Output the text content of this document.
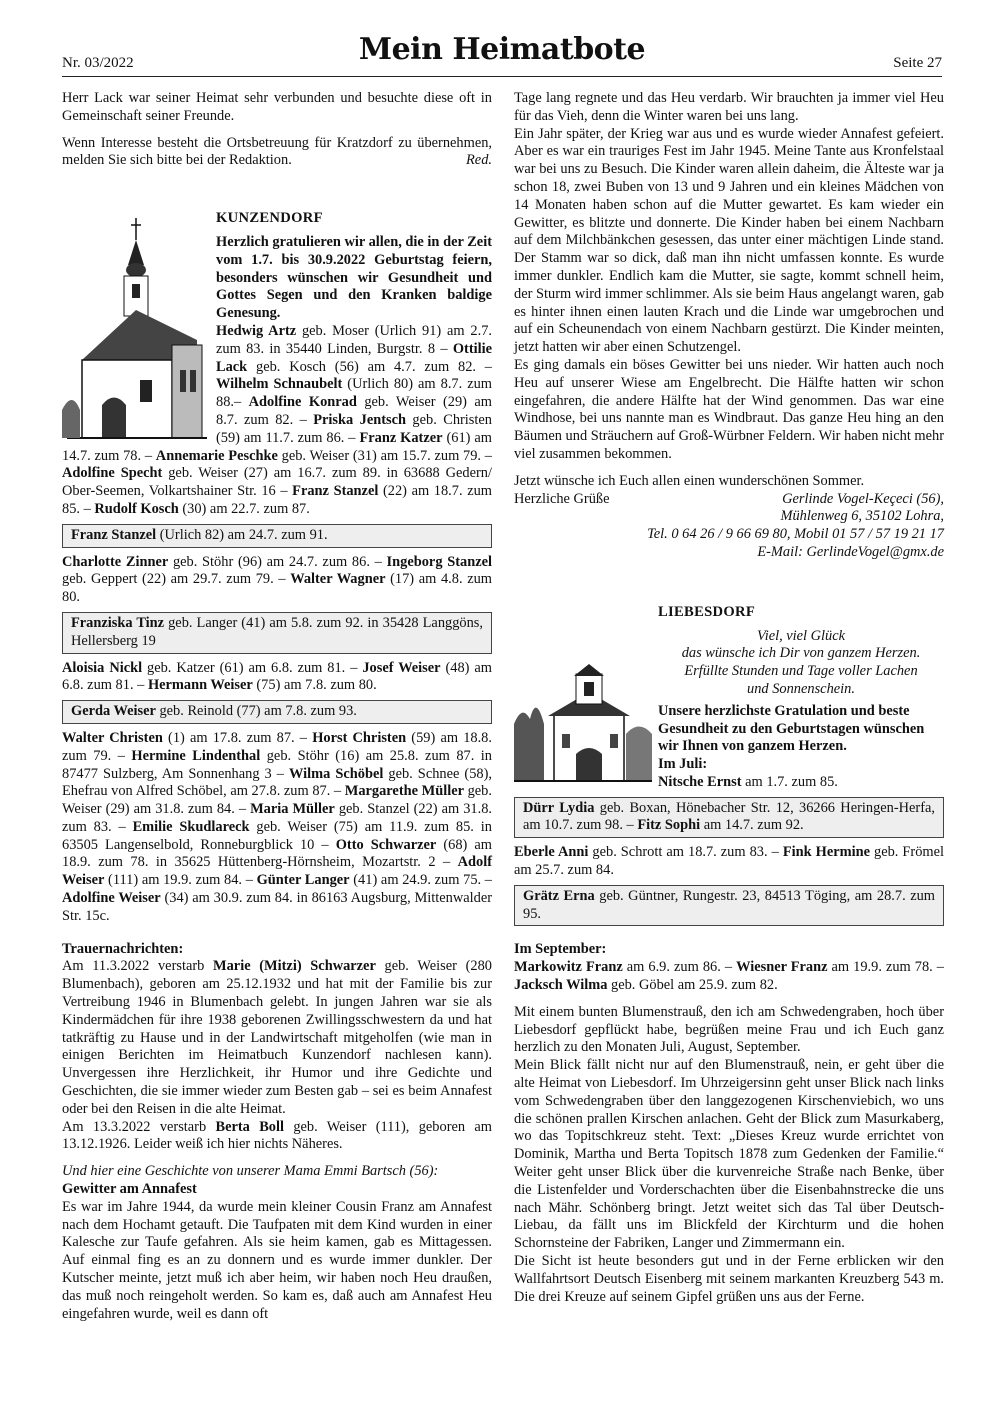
Nr. 03/2022	Mein Heimatbote	Seite 27

Herr Lack war seiner Heimat sehr verbunden und besuchte diese oft in Gemeinschaft seiner Freunde.

Wenn Interesse besteht die Ortsbetreuung für Kratzdorf zu übernehmen, melden Sie sich bitte bei der Redaktion.	Red.

KUNZENDORF

Herzlich gratulieren wir allen, die in der Zeit vom 1.7. bis 30.9.2022 Geburtstag feiern, besonders wünschen wir Gesundheit und Gottes Segen und den Kranken baldige Genesung.

Hedwig Artz geb. Moser (Urlich 91) am 2.7. zum 83. in 35440 Linden, Burgstr. 8 – Ottilie Lack geb. Kosch (56) am 4.7. zum 82. – Wilhelm Schnaubelt (Urlich 80) am 8.7. zum 88.– Adolfine Konrad geb. Weiser (29) am 8.7. zum 82. – Priska Jentsch geb. Christen (59) am 11.7. zum 86. – Franz Katzer (61) am 14.7. zum 78. – Annemarie Peschke geb. Weiser (31) am 15.7. zum 79. – Adolfine Specht geb. Weiser (27) am 16.7. zum 89. in 63688 Gedern/ Ober-Seemen, Volkartshainer Str. 16 – Franz Stanzel (22) am 18.7. zum 85. – Rudolf Kosch (30) am 22.7. zum 87.

Franz Stanzel (Urlich 82) am 24.7. zum 91.

Charlotte Zinner geb. Stöhr (96) am 24.7. zum 86. – Ingeborg Stanzel geb. Geppert (22) am 29.7. zum 79. – Walter Wagner (17) am 4.8. zum 80.

Franziska Tinz geb. Langer (41) am 5.8. zum 92. in 35428 Langgöns, Hellersberg 19

Aloisia Nickl geb. Katzer (61) am 6.8. zum 81. – Josef Weiser (48) am 6.8. zum 81. – Hermann Weiser (75) am 7.8. zum 80.

Gerda Weiser geb. Reinold (77) am 7.8. zum 93.

Walter Christen (1) am 17.8. zum 87. – Horst Christen (59) am 18.8. zum 79. – Hermine Lindenthal geb. Stöhr (16) am 25.8. zum 87. in 87477 Sulzberg, Am Sonnenhang 3 – Wilma Schöbel geb. Schnee (58), Ehefrau von Alfred Schöbel, am 27.8. zum 87. – Margarethe Müller geb. Weiser (29) am 31.8. zum 84. – Maria Müller geb. Stanzel (22) am 31.8. zum 83. – Emilie Skudlareck geb. Weiser (75) am 11.9. zum 85. in 63505 Langenselbold, Ronneburgblick 10 – Otto Schwarzer (68) am 18.9. zum 78. in 35625 Hüttenberg-Hörnsheim, Mozartstr. 2 – Adolf Weiser (111) am 19.9. zum 84. – Günter Langer (41) am 24.9. zum 75. – Adolfine Weiser (34) am 30.9. zum 84. in 86163 Augsburg, Mittenwalder Str. 15c.

Trauernachrichten:

Am 11.3.2022 verstarb Marie (Mitzi) Schwarzer geb. Weiser (280 Blumenbach), geboren am 25.12.1932 und hat mit der Familie bis zur Vertreibung 1946 in Blumenbach gelebt. In jungen Jahren war sie als Kindermädchen für ihre 1938 geborenen Zwillingsschwestern da und hat tatkräftig zu Hause und in der Landwirtschaft mitgeholfen (wie man in einigen Berichten im Heimatbuch Kunzendorf nachlesen kann). Unvergessen ihre Herzlichkeit, ihr Humor und ihre Gedichte und Geschichten, die sie immer wieder zum Besten gab – sei es beim Annafest oder bei den Reisen in die alte Heimat.

Am 13.3.2022 verstarb Berta Boll geb. Weiser (111), geboren am 13.12.1926. Leider weiß ich hier nichts Näheres.

Und hier eine Geschichte von unserer Mama Emmi Bartsch (56):

Gewitter am Annafest

Es war im Jahre 1944, da wurde mein kleiner Cousin Franz am Annafest nach dem Hochamt getauft. Die Taufpaten mit dem Kind wurden in einer Kalesche zur Taufe gefahren. Als sie heim kamen, gab es Mittagessen. Auf einmal fing es an zu donnern und es wurde immer dunkler. Der Kutscher meinte, jetzt muß ich aber heim, wir haben noch Heu draußen, das muß noch reingeholt werden. So kam es, daß auch am Annafest Heu eingefahren wurde, weil es dann oft

Tage lang regnete und das Heu verdarb. Wir brauchten ja immer viel Heu für das Vieh, denn die Winter waren bei uns lang.

Ein Jahr später, der Krieg war aus und es wurde wieder Annafest gefeiert. Aber es war ein trauriges Fest im Jahr 1945. Meine Tante aus Kronfelstaal war bei uns zu Besuch. Die Kinder waren allein daheim, die Älteste war ja schon 18, zwei Buben von 13 und 9 Jahren und ein kleines Mädchen von 14 Monaten haben schon auf die Mutter gewartet. Es kam wieder ein Gewitter, es blitzte und donnerte. Die Kinder haben bei einem Nachbarn auf dem Milchbänkchen gesessen, das unter einer mächtigen Linde stand. Der Stamm war so dick, daß man ihn nicht umfassen konnte. Es wurde immer dunkler. Endlich kam die Mutter, sie sagte, kommt schnell heim, der Sturm wird immer schlimmer. Als sie beim Haus angelangt waren, gab es hinter ihnen einen lauten Krach und die Linde war umgebrochen und auf ein Scheunendach von einem Nachbarn gestürzt. Die Kinder meinten, jetzt hatten wir aber einen Schutzengel.

Es ging damals ein böses Gewitter bei uns nieder. Wir hatten auch noch Heu auf unserer Wiese am Engelbrecht. Die Hälfte hatten wir schon eingefahren, die andere Hälfte hat der Wind genommen. Das war eine Windhose, bei uns nannte man es Windbraut. Das ganze Heu hing an den Bäumen und Sträuchern auf Groß-Würbner Feldern. Wir haben nicht mehr viel zusammen bekommen.

Jetzt wünsche ich Euch allen einen wunderschönen Sommer.

Herzliche Grüße	Gerlinde Vogel-Keçeci (56),

Mühlenweg 6, 35102 Lohra,

Tel. 0 64 26 / 9 66 69 80, Mobil 01 57 / 57 19 21 17

E-Mail: GerlindeVogel@gmx.de

LIEBESDORF

Viel, viel Glück

das wünsche ich Dir von ganzem Herzen.

Erfüllte Stunden und Tage voller Lachen

und Sonnenschein.

Unsere herzlichste Gratulation und beste Gesundheit zu den Geburtstagen wünschen wir Ihnen von ganzem Herzen.

Im Juli:

Nitsche Ernst am 1.7. zum 85.

Dürr Lydia geb. Boxan, Hönebacher Str. 12, 36266 Heringen-Herfa, am 10.7. zum 98. – Fitz Sophi am 14.7. zum 92.

Eberle Anni geb. Schrott am 18.7. zum 83. – Fink Hermine geb. Frömel am 25.7. zum 84.

Grätz Erna geb. Güntner, Rungestr. 23, 84513 Töging, am 28.7. zum 95.

Im September:

Markowitz Franz am 6.9. zum 86. – Wiesner Franz am 19.9. zum 78. – Jacksch Wilma geb. Göbel am 25.9. zum 82.

Mit einem bunten Blumenstrauß, den ich am Schwedengraben, hoch über Liebesdorf gepflückt habe, begrüßen meine Frau und ich Euch ganz herzlich zu den Monaten Juli, August, September.

Mein Blick fällt nicht nur auf den Blumenstrauß, nein, er geht über die alte Heimat von Liebesdorf. Im Uhrzeigersinn geht unser Blick nach links vom Schwedengraben über den langgezogenen Kirschenviebich, wo uns die schönen prallen Kirschen anlachen. Geht der Blick zum Masurkaberg, wo das Topitschkreuz steht. Text: „Dieses Kreuz wurde errichtet von Dominik, Martha und Berta Topitsch 1878 zum Gedenken der Familie.“ Weiter geht unser Blick über die kurvenreiche Straße nach Benke, über die Listenfelder und Vorderschachten über die Eisenbahnstrecke die uns nach Mähr. Schönberg bringt. Jetzt weitet sich das Tal über Deutsch-Liebau, da fällt uns im Blickfeld der Kirchturm und die hohen Schornsteine der Fabriken, Langer und Zimmermann ein.

Die Sicht ist heute besonders gut und in der Ferne erblicken wir den Wallfahrtsort Deutsch Eisenberg mit seinem markanten Kreuzberg 543 m. Die drei Kreuze auf seinem Gipfel grüßen uns aus der Ferne.
